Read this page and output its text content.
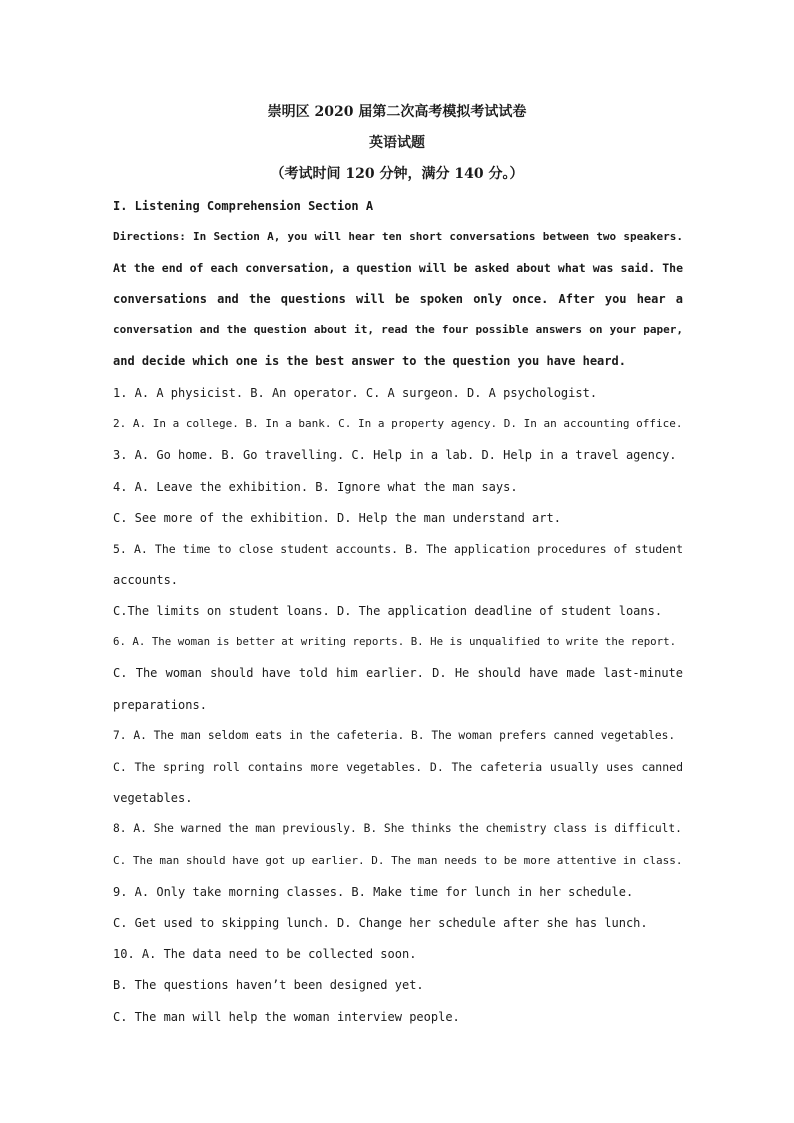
崇明区 2020 届第二次高考模拟考试试卷
英语试题
（考试时间 120 分钟，满分 140 分。）
I. Listening Comprehension Section A
Directions: In Section A, you will hear ten short conversations between two speakers.
At the end of each conversation, a question will be asked about what was said. The
conversations and the questions will be spoken only once. After you hear a
conversation and the question about it, read the four possible answers on your paper,
and decide which one is the best answer to the question you have heard.
1. A. A physicist. B. An operator. C. A surgeon. D. A psychologist.
2. A. In a college. B. In a bank. C. In a property agency. D. In an accounting office.
3. A. Go home. B. Go travelling. C. Help in a lab. D. Help in a travel agency.
4. A. Leave the exhibition. B. Ignore what the man says.
C. See more of the exhibition. D. Help the man understand art.
5. A. The time to close student accounts. B. The application procedures of student
accounts.
C.The limits on student loans. D. The application deadline of student loans.
6. A. The woman is better at writing reports. B. He is unqualified to write the report.
C. The woman should have told him earlier. D. He should have made last-minute
preparations.
7. A. The man seldom eats in the cafeteria. B. The woman prefers canned vegetables.
C. The spring roll contains more vegetables. D. The cafeteria usually uses canned
vegetables.
8. A. She warned the man previously. B. She thinks the chemistry class is difficult.
C. The man should have got up earlier. D. The man needs to be more attentive in class.
9. A. Only take morning classes. B. Make time for lunch in her schedule.
C. Get used to skipping lunch. D. Change her schedule after she has lunch.
10. A. The data need to be collected soon.
B. The questions haven’t been designed yet.
C. The man will help the woman interview people.
